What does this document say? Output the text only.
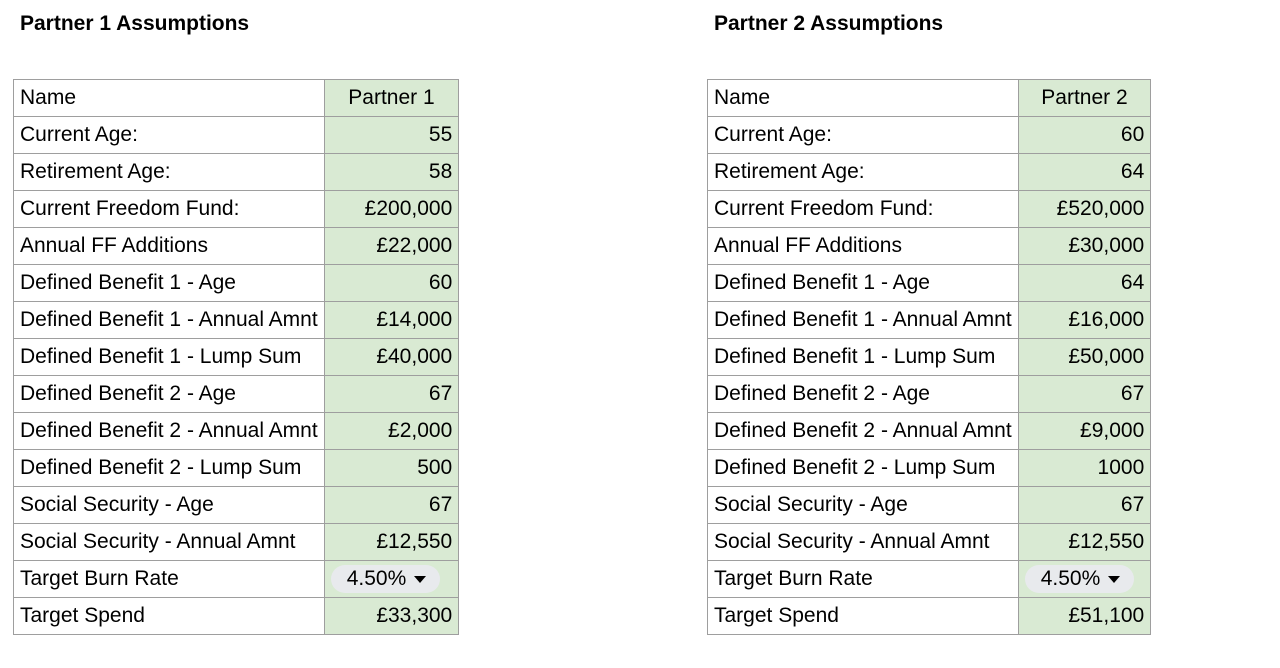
Partner 1 Assumptions
Name	Partner 1
Current Age:	55
Retirement Age:	58
Current Freedom Fund:	£200,000
Annual FF Additions	£22,000
Defined Benefit 1 - Age	60
Defined Benefit 1 - Annual Amnt	£14,000
Defined Benefit 1 - Lump Sum	£40,000
Defined Benefit 2 - Age	67
Defined Benefit 2 - Annual Amnt	£2,000
Defined Benefit 2 - Lump Sum	500
Social Security - Age	67
Social Security - Annual Amnt	£12,550
Target Burn Rate	4.50%

Target Spend	£33,300
Partner 2 Assumptions
Name	Partner 2
Current Age:	60
Retirement Age:	64
Current Freedom Fund:	£520,000
Annual FF Additions	£30,000
Defined Benefit 1 - Age	64
Defined Benefit 1 - Annual Amnt	£16,000
Defined Benefit 1 - Lump Sum	£50,000
Defined Benefit 2 - Age	67
Defined Benefit 2 - Annual Amnt	£9,000
Defined Benefit 2 - Lump Sum	1000
Social Security - Age	67
Social Security - Annual Amnt	£12,550
Target Burn Rate	4.50%

Target Spend	£51,100
